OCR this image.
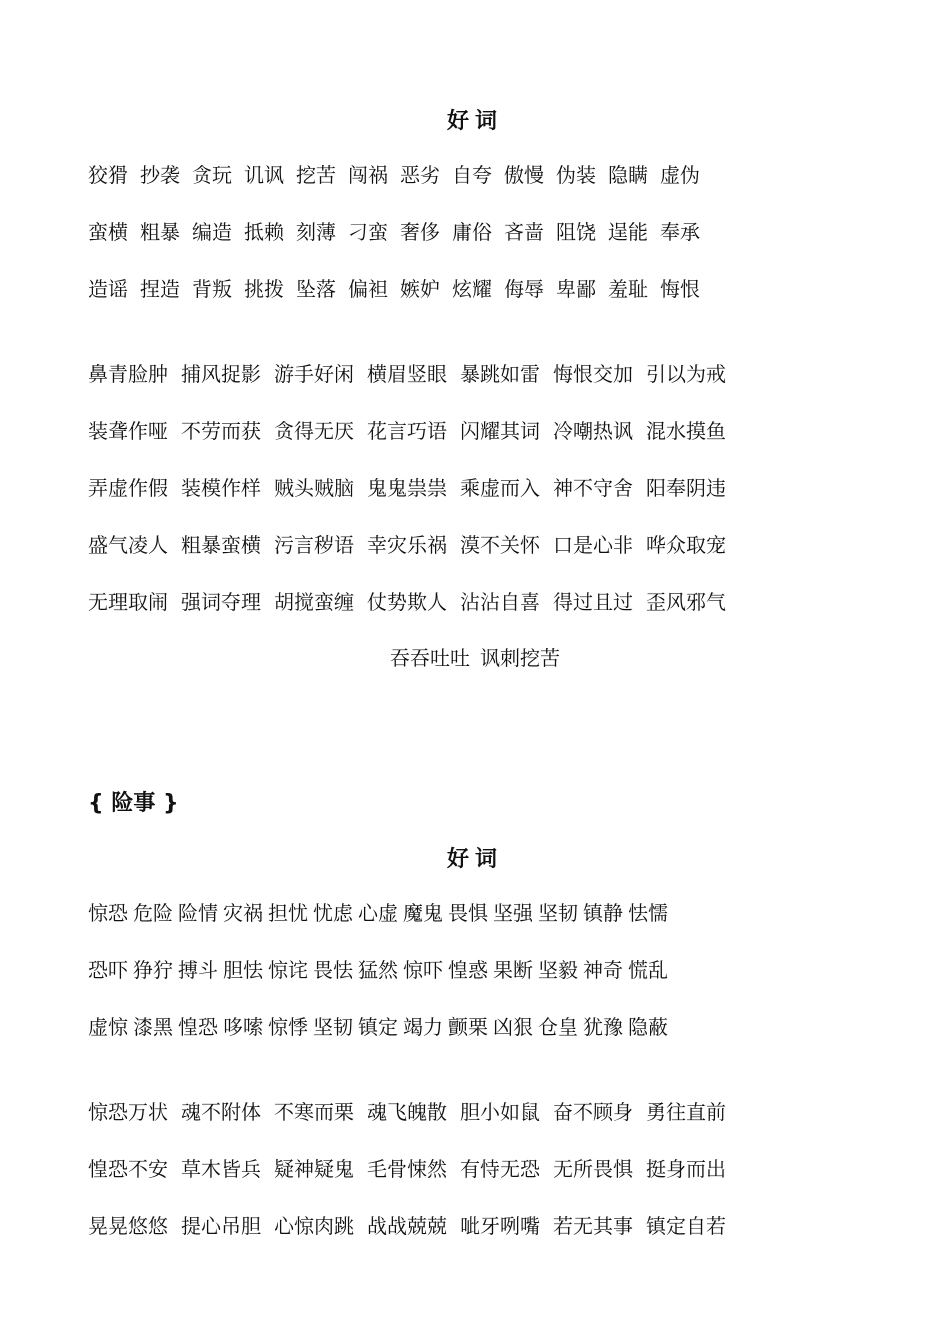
好词
狡猾 抄袭 贪玩 讥讽 挖苦 闯祸 恶劣 自夸 傲慢 伪装 隐瞒 虚伪
蛮横 粗暴 编造 抵赖 刻薄 刁蛮 奢侈 庸俗 吝啬 阻饶 逞能 奉承
造谣 捏造 背叛 挑拨 坠落 偏袒 嫉妒 炫耀 侮辱 卑鄙 羞耻 悔恨
鼻青脸肿 捕风捉影 游手好闲 横眉竖眼 暴跳如雷 悔恨交加 引以为戒
装聋作哑 不劳而获 贪得无厌 花言巧语 闪耀其词 冷嘲热讽 混水摸鱼
弄虚作假 装模作样 贼头贼脑 鬼鬼祟祟 乘虚而入 神不守舍 阳奉阴违
盛气凌人 粗暴蛮横 污言秽语 幸灾乐祸 漠不关怀 口是心非 哗众取宠
无理取闹 强词夺理 胡搅蛮缠 仗势欺人 沾沾自喜 得过且过 歪风邪气
吞吞吐吐 讽刺挖苦
{ 险事 }
好词
惊恐 危险 险情 灾祸 担忧 忧虑 心虚 魔鬼 畏惧 坚强 坚韧 镇静 怯懦
恐吓 狰狞 搏斗 胆怯 惊诧 畏怯 猛然 惊吓 惶惑 果断 坚毅 神奇 慌乱
虚惊 漆黑 惶恐 哆嗦 惊悸 坚韧 镇定 竭力 颤栗 凶狠 仓皇 犹豫 隐蔽
惊恐万状 魂不附体 不寒而栗 魂飞魄散 胆小如鼠 奋不顾身 勇往直前
惶恐不安 草木皆兵 疑神疑鬼 毛骨悚然 有恃无恐 无所畏惧 挺身而出
晃晃悠悠 提心吊胆 心惊肉跳 战战兢兢 呲牙咧嘴 若无其事 镇定自若
